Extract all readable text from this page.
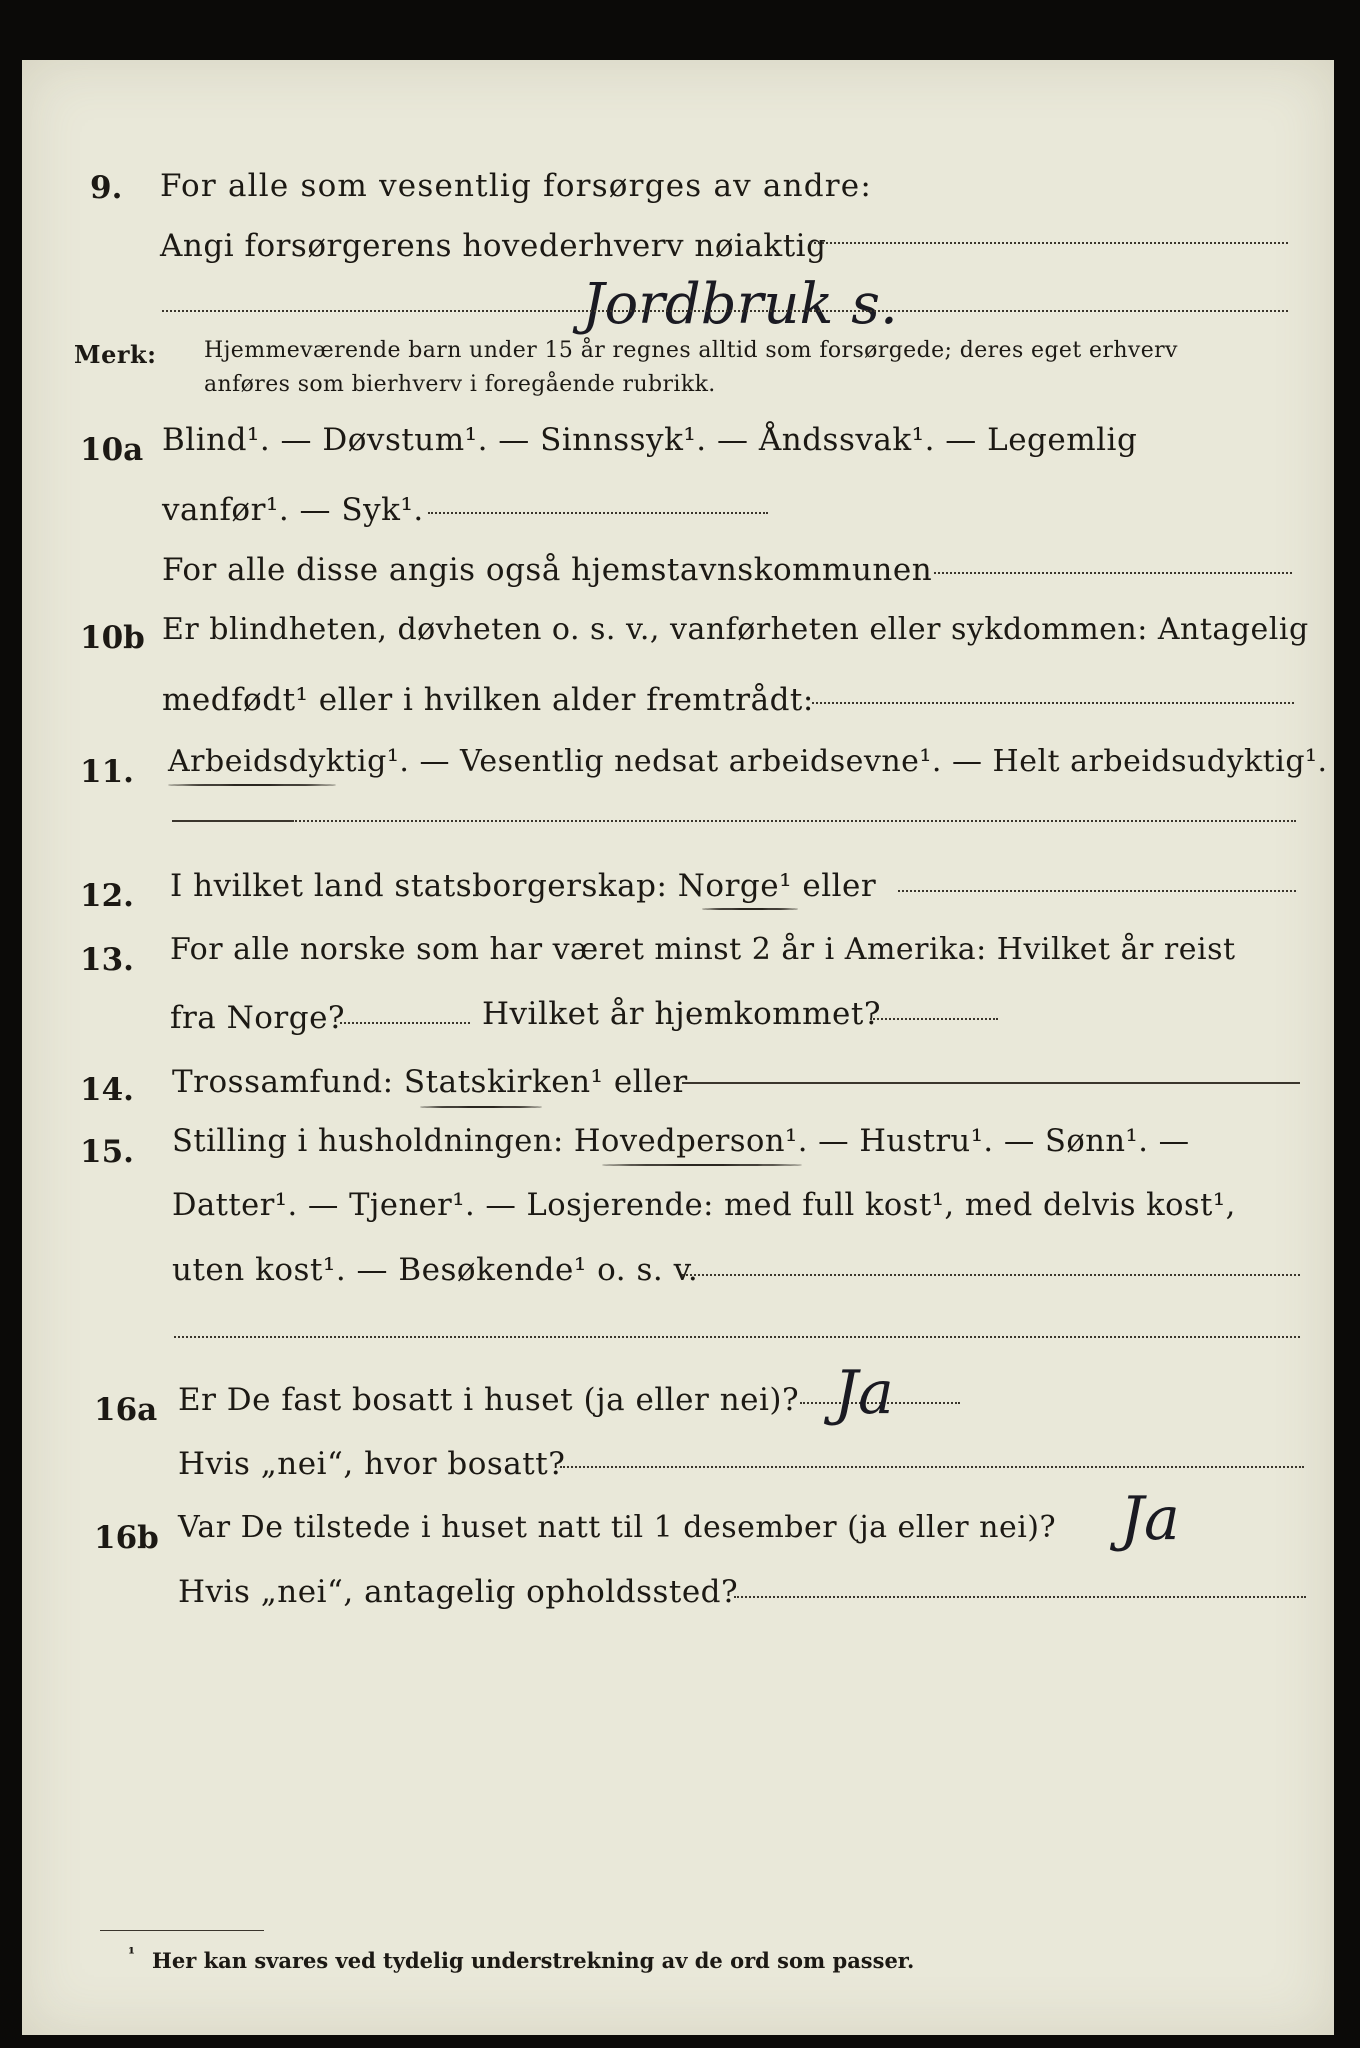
9. For alle som vesentlig forsørges av andre:
Angi forsørgerens hovederhverv nøiaktig
Jordbruk s.
Merk: Hjemmeværende barn under 15 år regnes alltid som forsørgede; deres eget erhverv
anføres som bierhverv i foregående rubrikk.
10a Blind¹. — Døvstum¹. — Sinnssyk¹. — Åndssvak¹. — Legemlig
vanfør¹. — Syk¹.
For alle disse angis også hjemstavnskommunen
10b Er blindheten, døvheten o. s. v., vanførheten eller sykdommen: Antagelig
medfødt¹ eller i hvilken alder fremtrådt:
11. Arbeidsdyktig¹. — Vesentlig nedsat arbeidsevne¹. — Helt arbeidsudyktig¹.
12. I hvilket land statsborgerskap: Norge¹ eller
13. For alle norske som har været minst 2 år i Amerika: Hvilket år reist
fra Norge?	Hvilket år hjemkommet?
14. Trossamfund: Statskirken¹ eller
15. Stilling i husholdningen: Hovedperson¹. — Hustru¹. — Sønn¹. —
Datter¹. — Tjener¹. — Losjerende: med full kost¹, med delvis kost¹,
uten kost¹. — Besøkende¹ o. s. v.
16a Er De fast bosatt i huset (ja eller nei)? Ja
Hvis „nei“, hvor bosatt?
16b Var De tilstede i huset natt til 1 desember (ja eller nei)? Ja
Hvis „nei“, antagelig opholdssted?
¹ Her kan svares ved tydelig understrekning av de ord som passer.
